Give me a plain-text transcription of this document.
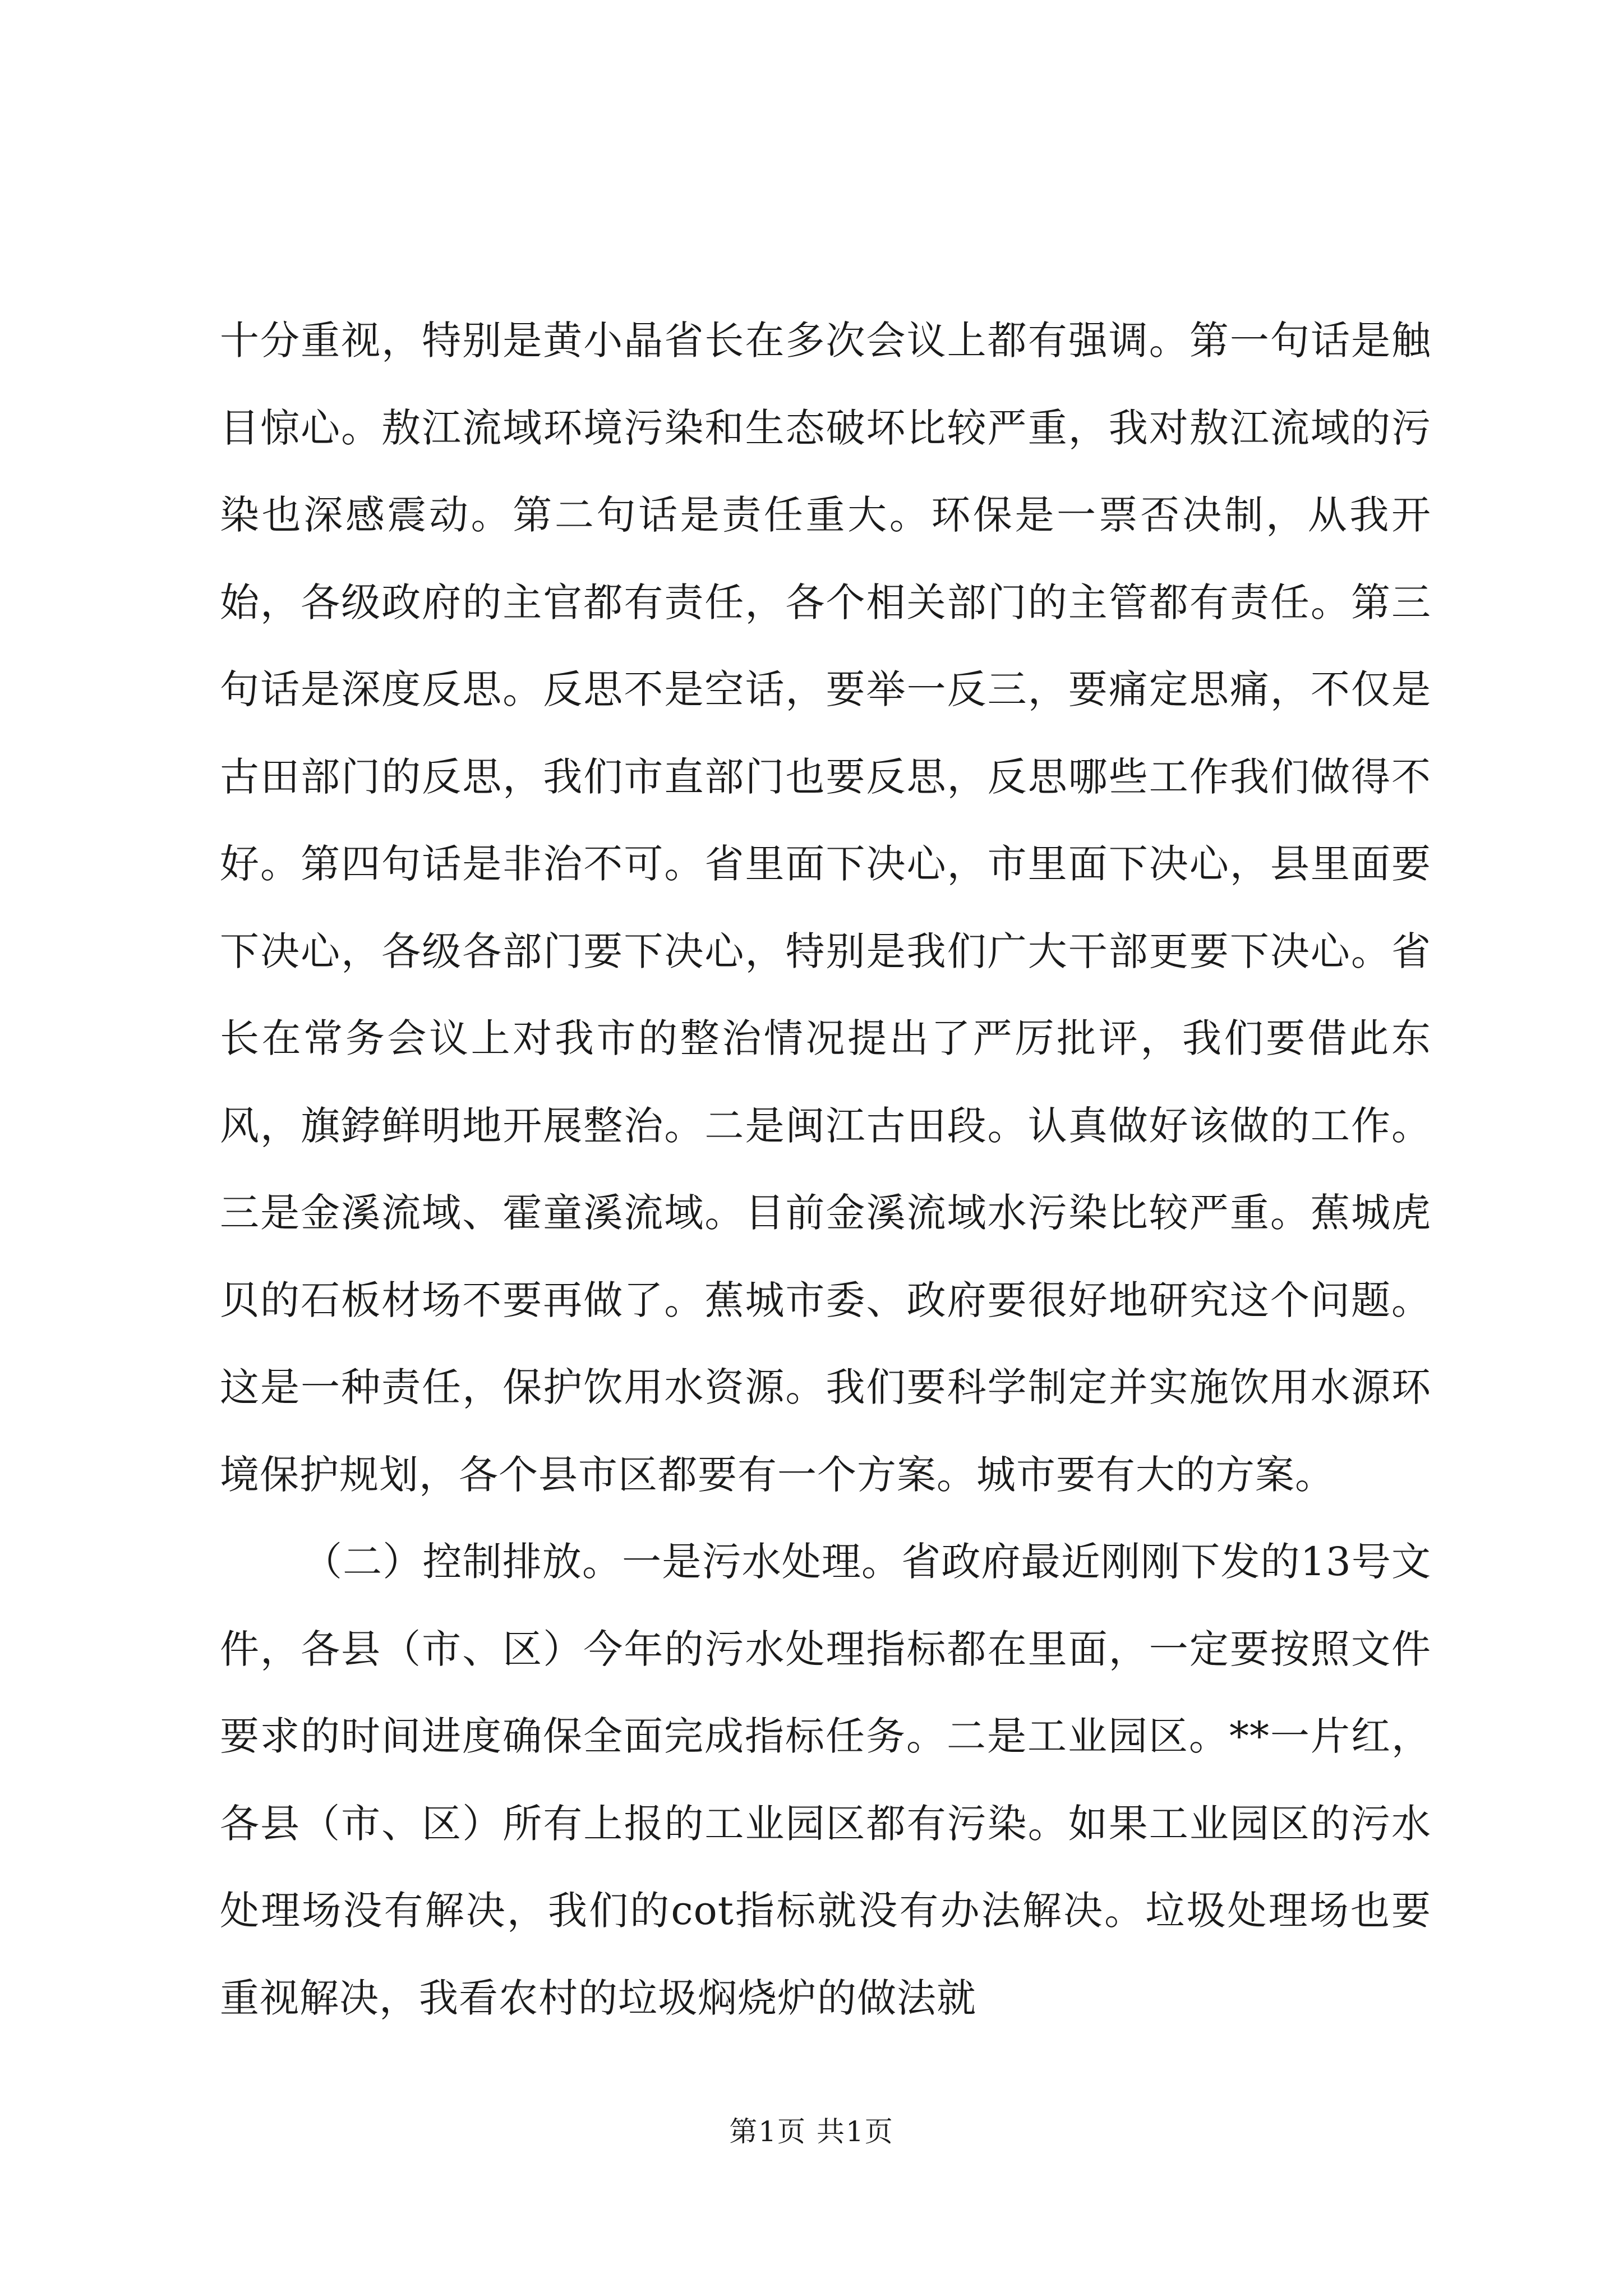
十分重视，特别是黄小晶省长在多次会议上都有强调。第一句话是触目惊心。敖江流域环境污染和生态破坏比较严重，我对敖江流域的污染也深感震动。第二句话是责任重大。环保是一票否决制，从我开始，各级政府的主官都有责任，各个相关部门的主管都有责任。第三句话是深度反思。反思不是空话，要举一反三，要痛定思痛，不仅是古田部门的反思，我们市直部门也要反思，反思哪些工作我们做得不好。第四句话是非治不可。省里面下决心，市里面下决心，县里面要下决心，各级各部门要下决心，特别是我们广大干部更要下决心。省长在常务会议上对我市的整治情况提出了严厉批评，我们要借此东风，旗鋍鲜明地开展整治。二是闽江古田段。认真做好该做的工作。三是金溪流域、霍童溪流域。目前金溪流域水污染比较严重。蕉城虎贝的石板材场不要再做了。蕉城市委、政府要很好地研究这个问题。这是一种责任，保护饮用水资源。我们要科学制定并实施饮用水源环境保护规划，各个县市区都要有一个方案。城市要有大的方案。

（二）控制排放。一是污水处理。省政府最近刚刚下发的13号文件，各县（市、区）今年的污水处理指标都在里面，一定要按照文件要求的时间进度确保全面完成指标任务。二是工业园区。**一片红，各县（市、区）所有上报的工业园区都有污染。如果工业园区的污水处理场没有解决，我们的cot指标就没有办法解决。垃圾处理场也要重视解决，我看农村的垃圾焖烧炉的做法就

第1页 共1页
